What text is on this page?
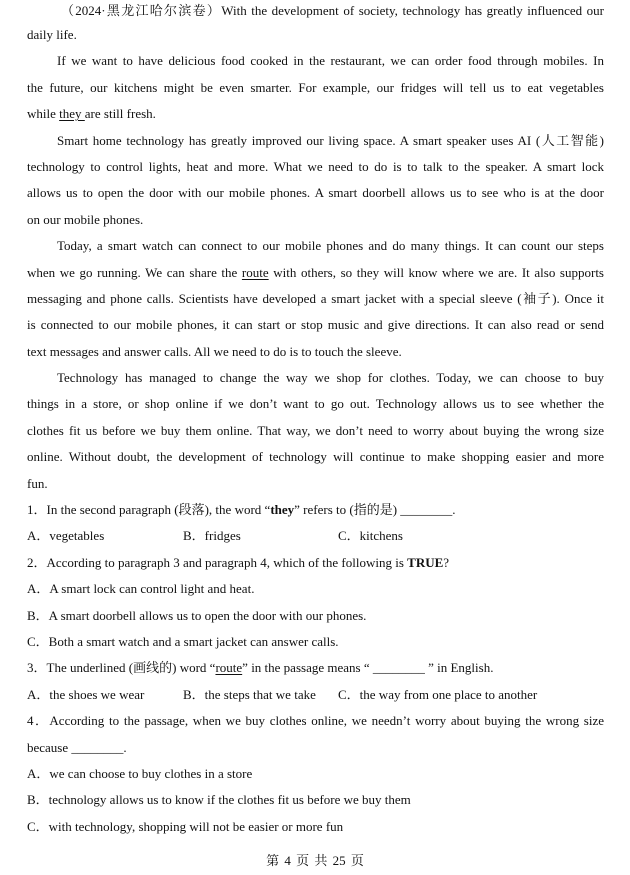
（2024·黑龙江哈尔滨卷）With the development of society, technology has greatly influenced our
daily life.
If we want to have delicious food cooked in the restaurant, we can order food through mobiles. In
the future, our kitchens might be even smarter. For example, our fridges will tell us to eat vegetables
while they are still fresh.
Smart home technology has greatly improved our living space. A smart speaker uses AI (人工智能)
technology to control lights, heat and more. What we need to do is to talk to the speaker. A smart lock
allows us to open the door with our mobile phones. A smart doorbell allows us to see who is at the door
on our mobile phones.
Today, a smart watch can connect to our mobile phones and do many things. It can count our steps
when we go running. We can share the route with others, so they will know where we are. It also supports
messaging and phone calls. Scientists have developed a smart jacket with a special sleeve (袖子). Once it
is connected to our mobile phones, it can start or stop music and give directions. It can also read or send
text messages and answer calls. All we need to do is to touch the sleeve.
Technology has managed to change the way we shop for clothes. Today, we can choose to buy
things in a store, or shop online if we don’t want to go out. Technology allows us to see whether the
clothes fit us before we buy them online. That way, we don’t need to worry about buying the wrong size
online. Without doubt, the development of technology will continue to make shopping easier and more
fun.
1．In the second paragraph (段落), the word “they” refers to (指的是) ________.
A．vegetables	B．fridges	C．kitchens
2．According to paragraph 3 and paragraph 4, which of the following is TRUE?
A．A smart lock can control light and heat.
B．A smart doorbell allows us to open the door with our phones.
C．Both a smart watch and a smart jacket can answer calls.
3．The underlined (画线的) word “route” in the passage means “ ________ ” in English.
A．the shoes we wear	B．the steps that we take	C．the way from one place to another
4．According to the passage, when we buy clothes online, we needn’t worry about buying the wrong size
because ________.
A．we can choose to buy clothes in a store
B．technology allows us to know if the clothes fit us before we buy them
C．with technology, shopping will not be easier or more fun
第 4 页 共 25 页
